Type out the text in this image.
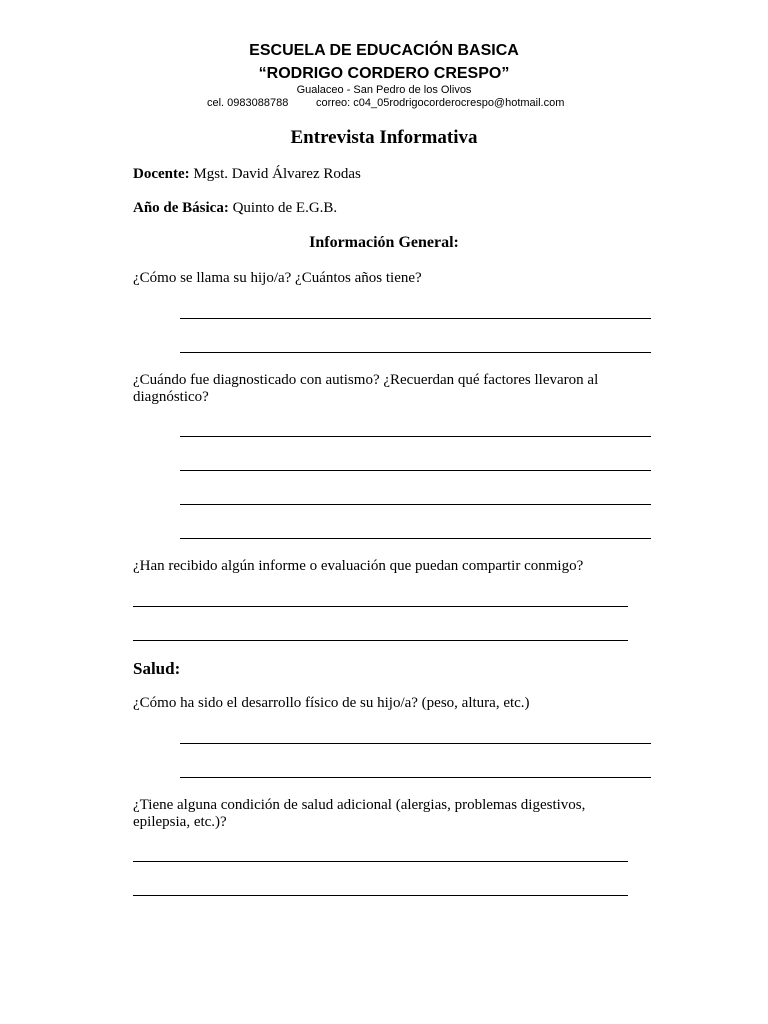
ESCUELA DE EDUCACIÓN BASICA
“RODRIGO CORDERO CRESPO”
Gualaceo - San Pedro de los Olivos
cel. 0983088788	correo: c04_05rodrigocorderocrespo@hotmail.com
Entrevista Informativa
Docente: Mgst. David Álvarez Rodas
Año de Básica: Quinto de E.G.B.
Información General:
¿Cómo se llama su hijo/a? ¿Cuántos años tiene?
¿Cuándo fue diagnosticado con autismo? ¿Recuerdan qué factores llevaron al diagnóstico?
¿Han recibido algún informe o evaluación que puedan compartir conmigo?
Salud:
¿Cómo ha sido el desarrollo físico de su hijo/a? (peso, altura, etc.)
¿Tiene alguna condición de salud adicional (alergias, problemas digestivos, epilepsia, etc.)?
